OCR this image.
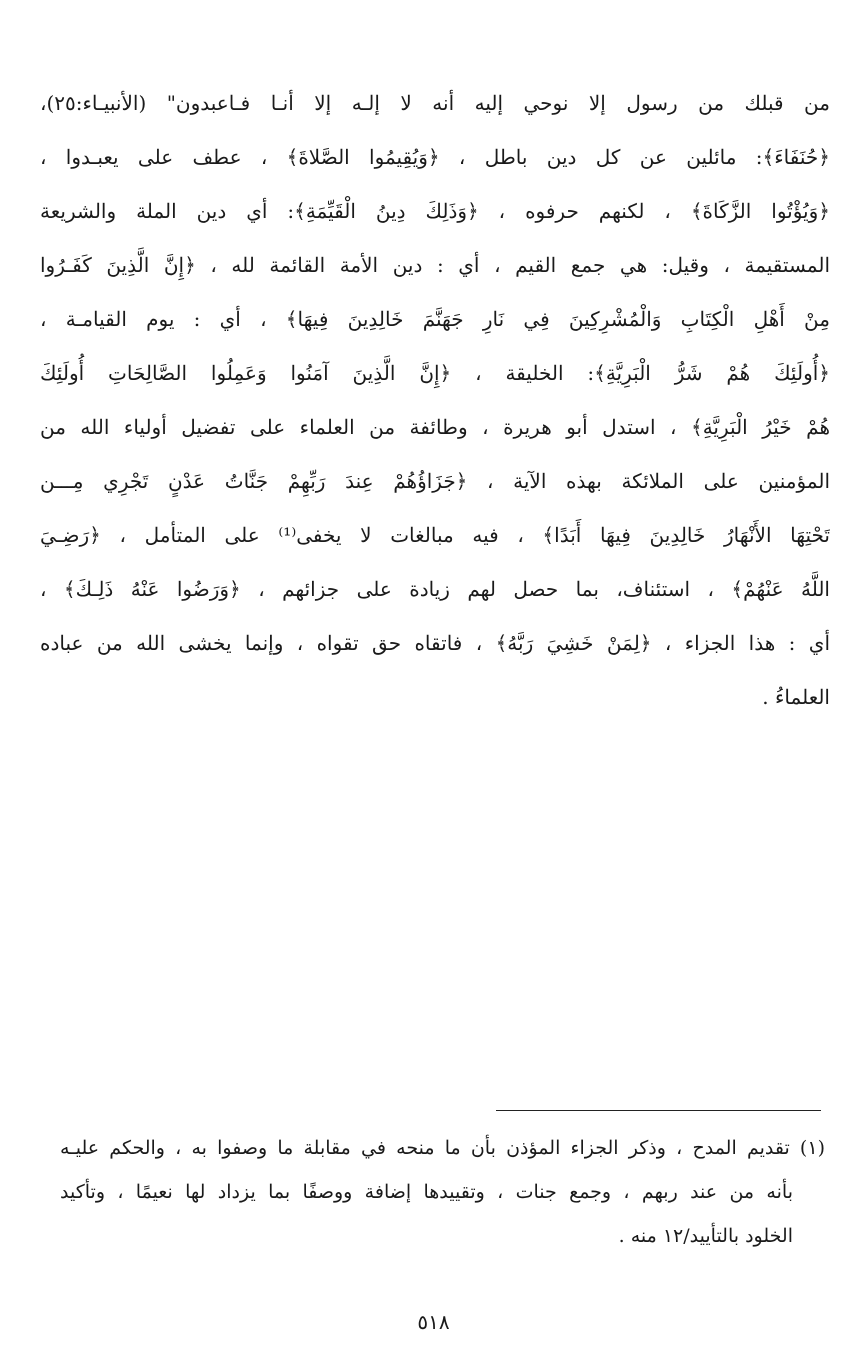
من قبلك من رسول إلا نوحي إليه أنه لا إلـه إلا أنـا فـاعبدون" (الأنبيـاء:٢٥)،
﴿حُنَفَاءَ﴾: مائلين عن كل دين باطل ، ﴿وَيُقِيمُوا الصَّلاةَ﴾ ، عطف على يعبـدوا ،
﴿وَيُؤْتُوا الزَّكَاةَ﴾ ، لكنهم حرفوه ، ﴿وَذَلِكَ دِينُ الْقَيِّمَةِ﴾: أي دين الملة والشريعة
المستقيمة ، وقيل: هي جمع القيم ، أي : دين الأمة القائمة لله ، ﴿إِنَّ الَّذِينَ كَفَـرُوا
مِنْ أَهْلِ الْكِتَابِ وَالْمُشْرِكِينَ فِي نَارِ جَهَنَّمَ خَالِدِينَ فِيهَا﴾ ، أي : يوم القيامـة ،
﴿أُولَئِكَ هُمْ شَرُّ الْبَرِيَّةِ﴾: الخليقة ، ﴿إِنَّ الَّذِينَ آمَنُوا وَعَمِلُوا الصَّالِحَاتِ أُولَئِكَ
هُمْ خَيْرُ الْبَرِيَّةِ﴾ ، استدل أبو هريرة ، وطائفة من العلماء على تفضيل أولياء الله من
المؤمنين على الملائكة بهذه الآية ، ﴿جَزَاؤُهُمْ عِندَ رَبِّهِمْ جَنَّاتُ عَدْنٍ تَجْرِي مِـــن
تَحْتِهَا الأَنْهَارُ خَالِدِينَ فِيهَا أَبَدًا﴾ ، فيه مبالغات لا يخفى⁽¹⁾ على المتأمل ، ﴿رَضِـيَ
اللَّهُ عَنْهُمْ﴾ ، استئناف، بما حصل لهم زيادة على جزائهم ، ﴿وَرَضُوا عَنْهُ ذَلِـكَ﴾ ،
أي : هذا الجزاء ، ﴿لِمَنْ خَشِيَ رَبَّهُ﴾ ، فاتقاه حق تقواه ، وإنما يخشى الله من عباده
العلماءُ .
(١) تقديم المدح ، وذكر الجزاء المؤذن بأن ما منحه في مقابلة ما وصفوا به ، والحكم عليـه
بأنه من عند ربهم ، وجمع جنات ، وتقييدها إضافة ووصفًا بما يزداد لها نعيمًا ، وتأكيد
الخلود بالتأييد/١٢ منه .
٥١٨
